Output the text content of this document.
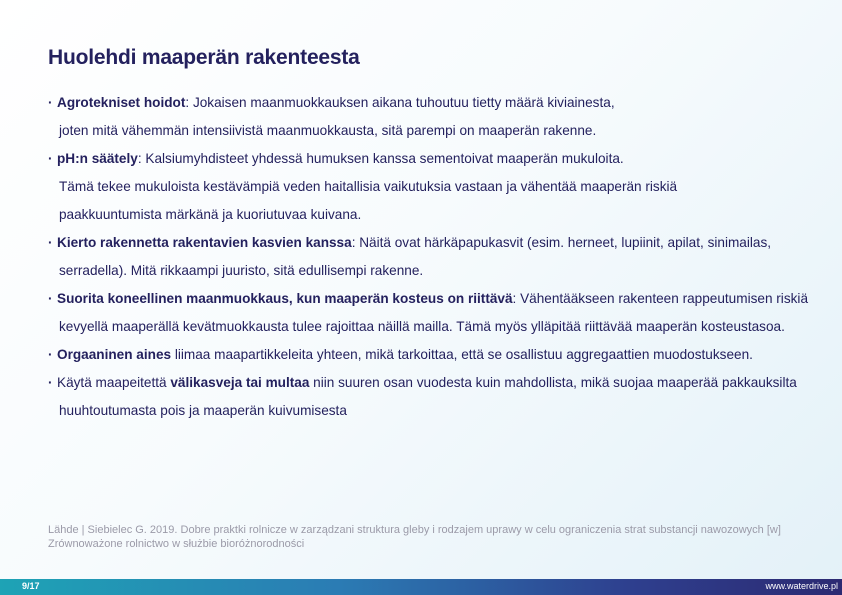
Huolehdi maaperän rakenteesta
· Agrotekniset hoidot: Jokaisen maanmuokkauksen aikana tuhoutuu tietty määrä kiviainesta,
joten mitä vähemmän intensiivistä maanmuokkausta, sitä parempi on maaperän rakenne.
· pH:n säätely: Kalsiumyhdisteet yhdessä humuksen kanssa sementoivat maaperän mukuloita.
Tämä tekee mukuloista kestävämpiä veden haitallisia vaikutuksia vastaan ja vähentää maaperän riskiä
paakkuuntumista märkänä ja kuoriutuvaa kuivana.
· Kierto rakennetta rakentavien kasvien kanssa: Näitä ovat härkäpapukasvit (esim. herneet, lupiinit, apilat, sinimailas,
serradella). Mitä rikkaampi juuristo, sitä edullisempi rakenne.
· Suorita koneellinen maanmuokkaus, kun maaperän kosteus on riittävä: Vähentääkseen rakenteen rappeutumisen riskiä
kevyellä maaperällä kevätmuokkausta tulee rajoittaa näillä mailla. Tämä myös ylläpitää riittävää maaperän kosteustasoa.
· Orgaaninen aines liimaa maapartikkeleita yhteen, mikä tarkoittaa, että se osallistuu aggregaattien muodostukseen.
· Käytä maapeitettä välikasveja tai multaa niin suuren osan vuodesta kuin mahdollista, mikä suojaa maaperää pakkauksilta
huuhtoutumasta pois ja maaperän kuivumisesta
Lähde | Siebielec G. 2019. Dobre praktki rolnicze w zarządzani struktura gleby i rodzajem uprawy w celu ograniczenia strat substancji nawozowych [w] Zrównoważone rolnictwo w służbie bioróżnorodności
9/17	www.waterdrive.pl
